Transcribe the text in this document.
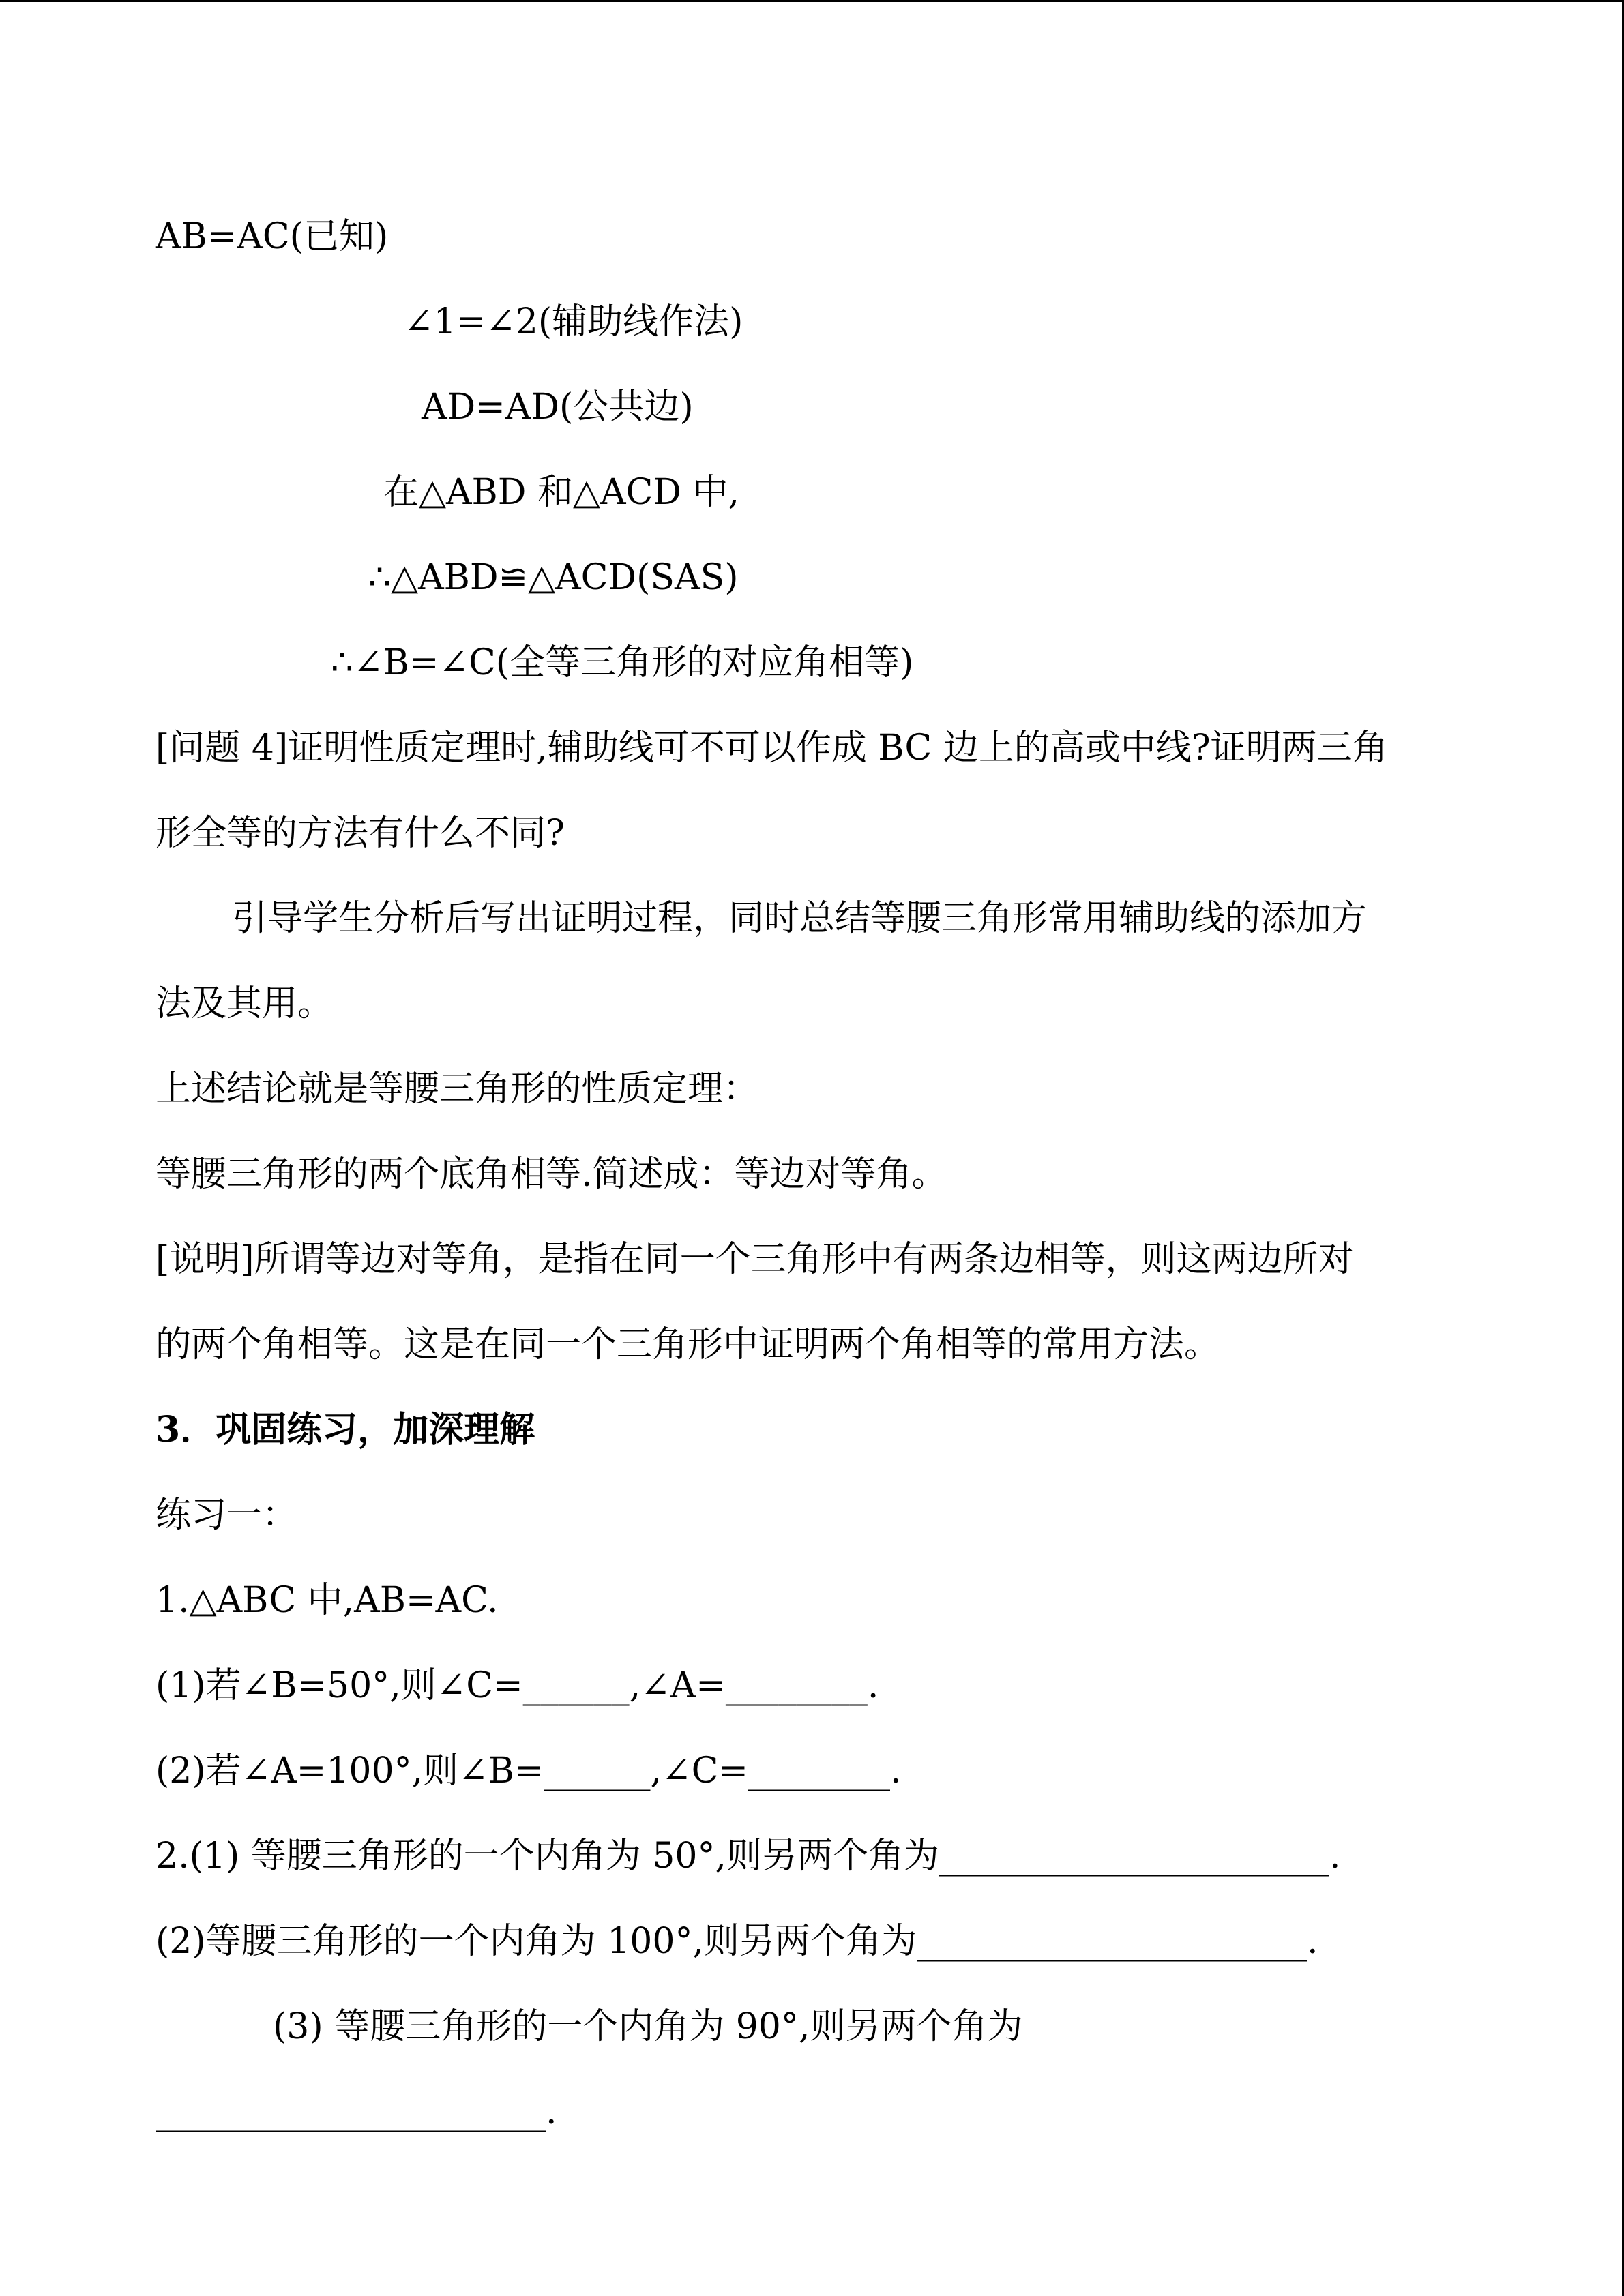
AB=AC(已知)
∠1=∠2(辅助线作法)
AD=AD(公共边)
在△ABD 和△ACD 中,
∴△ABD≌△ACD(SAS)
∴∠B=∠C(全等三角形的对应角相等)
[问题 4]证明性质定理时,辅助线可不可以作成 BC 边上的高或中线?证明两三角
形全等的方法有什么不同?
引导学生分析后写出证明过程，同时总结等腰三角形常用辅助线的添加方
法及其用。
上述结论就是等腰三角形的性质定理：
等腰三角形的两个底角相等.简述成：等边对等角。
[说明]所谓等边对等角，是指在同一个三角形中有两条边相等，则这两边所对
的两个角相等。这是在同一个三角形中证明两个角相等的常用方法。
3．巩固练习，加深理解
练习一：
1.△ABC 中,AB=AC.
(1)若∠B=50°,则∠C=______,∠A=________.
(2)若∠A=100°,则∠B=______,∠C=________.
2.(1) 等腰三角形的一个内角为 50°,则另两个角为______________________.
(2)等腰三角形的一个内角为 100°,则另两个角为______________________.
(3) 等腰三角形的一个内角为 90°,则另两个角为
______________________.
